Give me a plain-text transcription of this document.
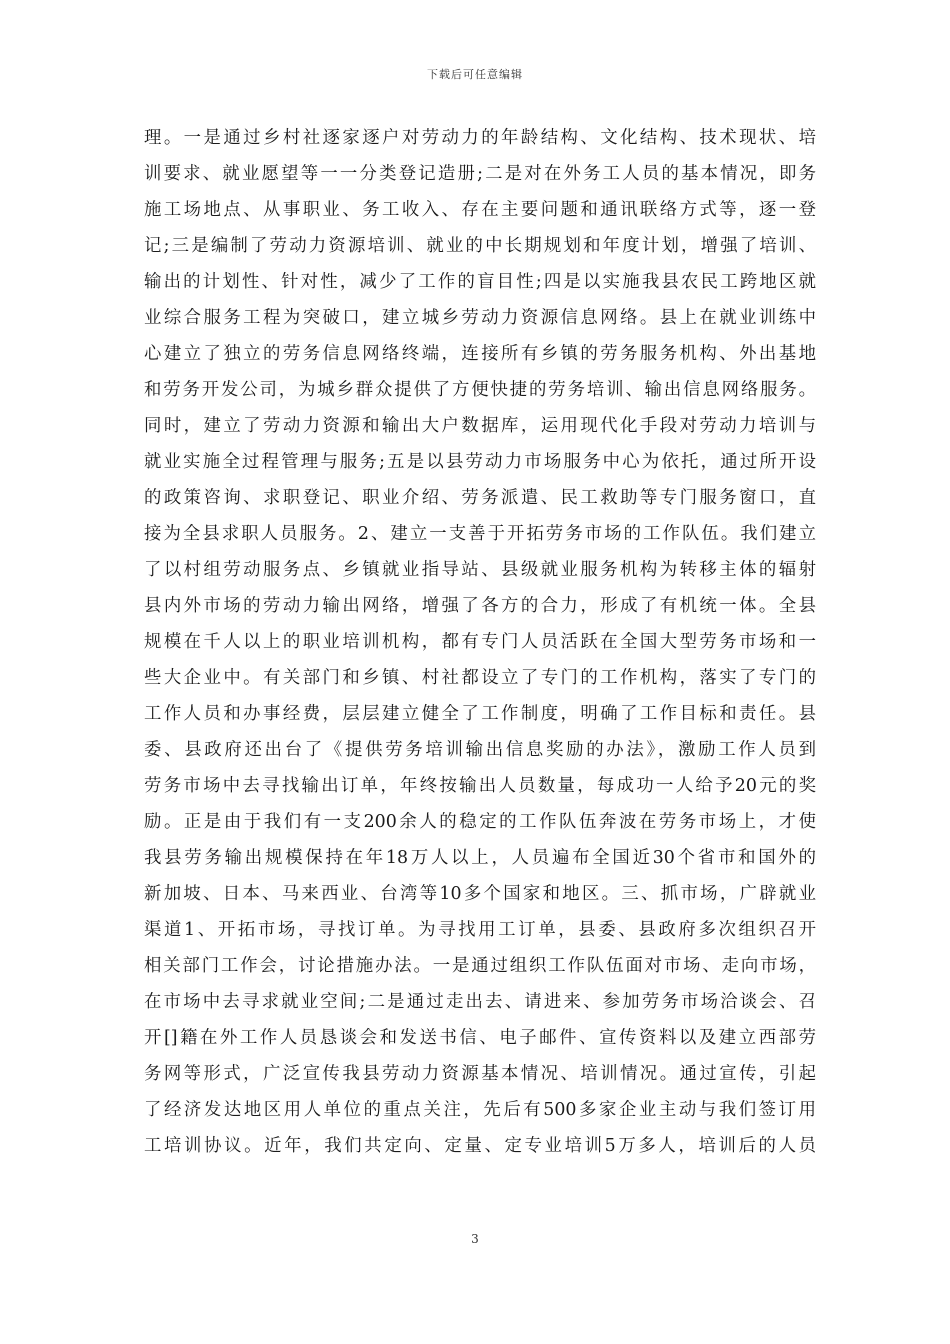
下载后可任意编辑
理。一是通过乡村社逐家逐户对劳动力的年龄结构、文化结构、技术现状、培
训要求、就业愿望等一一分类登记造册;二是对在外务工人员的基本情况，即务
施工场地点、从事职业、务工收入、存在主要问题和通讯联络方式等，逐一登
记;三是编制了劳动力资源培训、就业的中长期规划和年度计划，增强了培训、
输出的计划性、针对性，减少了工作的盲目性;四是以实施我县农民工跨地区就
业综合服务工程为突破口，建立城乡劳动力资源信息网络。县上在就业训练中
心建立了独立的劳务信息网络终端，连接所有乡镇的劳务服务机构、外出基地
和劳务开发公司，为城乡群众提供了方便快捷的劳务培训、输出信息网络服务。
同时，建立了劳动力资源和输出大户数据库，运用现代化手段对劳动力培训与
就业实施全过程管理与服务;五是以县劳动力市场服务中心为依托，通过所开设
的政策咨询、求职登记、职业介绍、劳务派遣、民工救助等专门服务窗口，直
接为全县求职人员服务。2、建立一支善于开拓劳务市场的工作队伍。我们建立
了以村组劳动服务点、乡镇就业指导站、县级就业服务机构为转移主体的辐射
县内外市场的劳动力输出网络，增强了各方的合力，形成了有机统一体。全县
规模在千人以上的职业培训机构，都有专门人员活跃在全国大型劳务市场和一
些大企业中。有关部门和乡镇、村社都设立了专门的工作机构，落实了专门的
工作人员和办事经费，层层建立健全了工作制度，明确了工作目标和责任。县
委、县政府还出台了《提供劳务培训输出信息奖励的办法》，激励工作人员到
劳务市场中去寻找输出订单，年终按输出人员数量，每成功一人给予20元的奖
励。正是由于我们有一支200余人的稳定的工作队伍奔波在劳务市场上，才使
我县劳务输出规模保持在年18万人以上，人员遍布全国近30个省市和国外的
新加坡、日本、马来西业、台湾等10多个国家和地区。三、抓市场，广辟就业
渠道1、开拓市场，寻找订单。为寻找用工订单，县委、县政府多次组织召开
相关部门工作会，讨论措施办法。一是通过组织工作队伍面对市场、走向市场，
在市场中去寻求就业空间;二是通过走出去、请进来、参加劳务市场洽谈会、召
开[]籍在外工作人员恳谈会和发送书信、电子邮件、宣传资料以及建立西部劳
务网等形式，广泛宣传我县劳动力资源基本情况、培训情况。通过宣传，引起
了经济发达地区用人单位的重点关注，先后有500多家企业主动与我们签订用
工培训协议。近年，我们共定向、定量、定专业培训5万多人，培训后的人员
3
